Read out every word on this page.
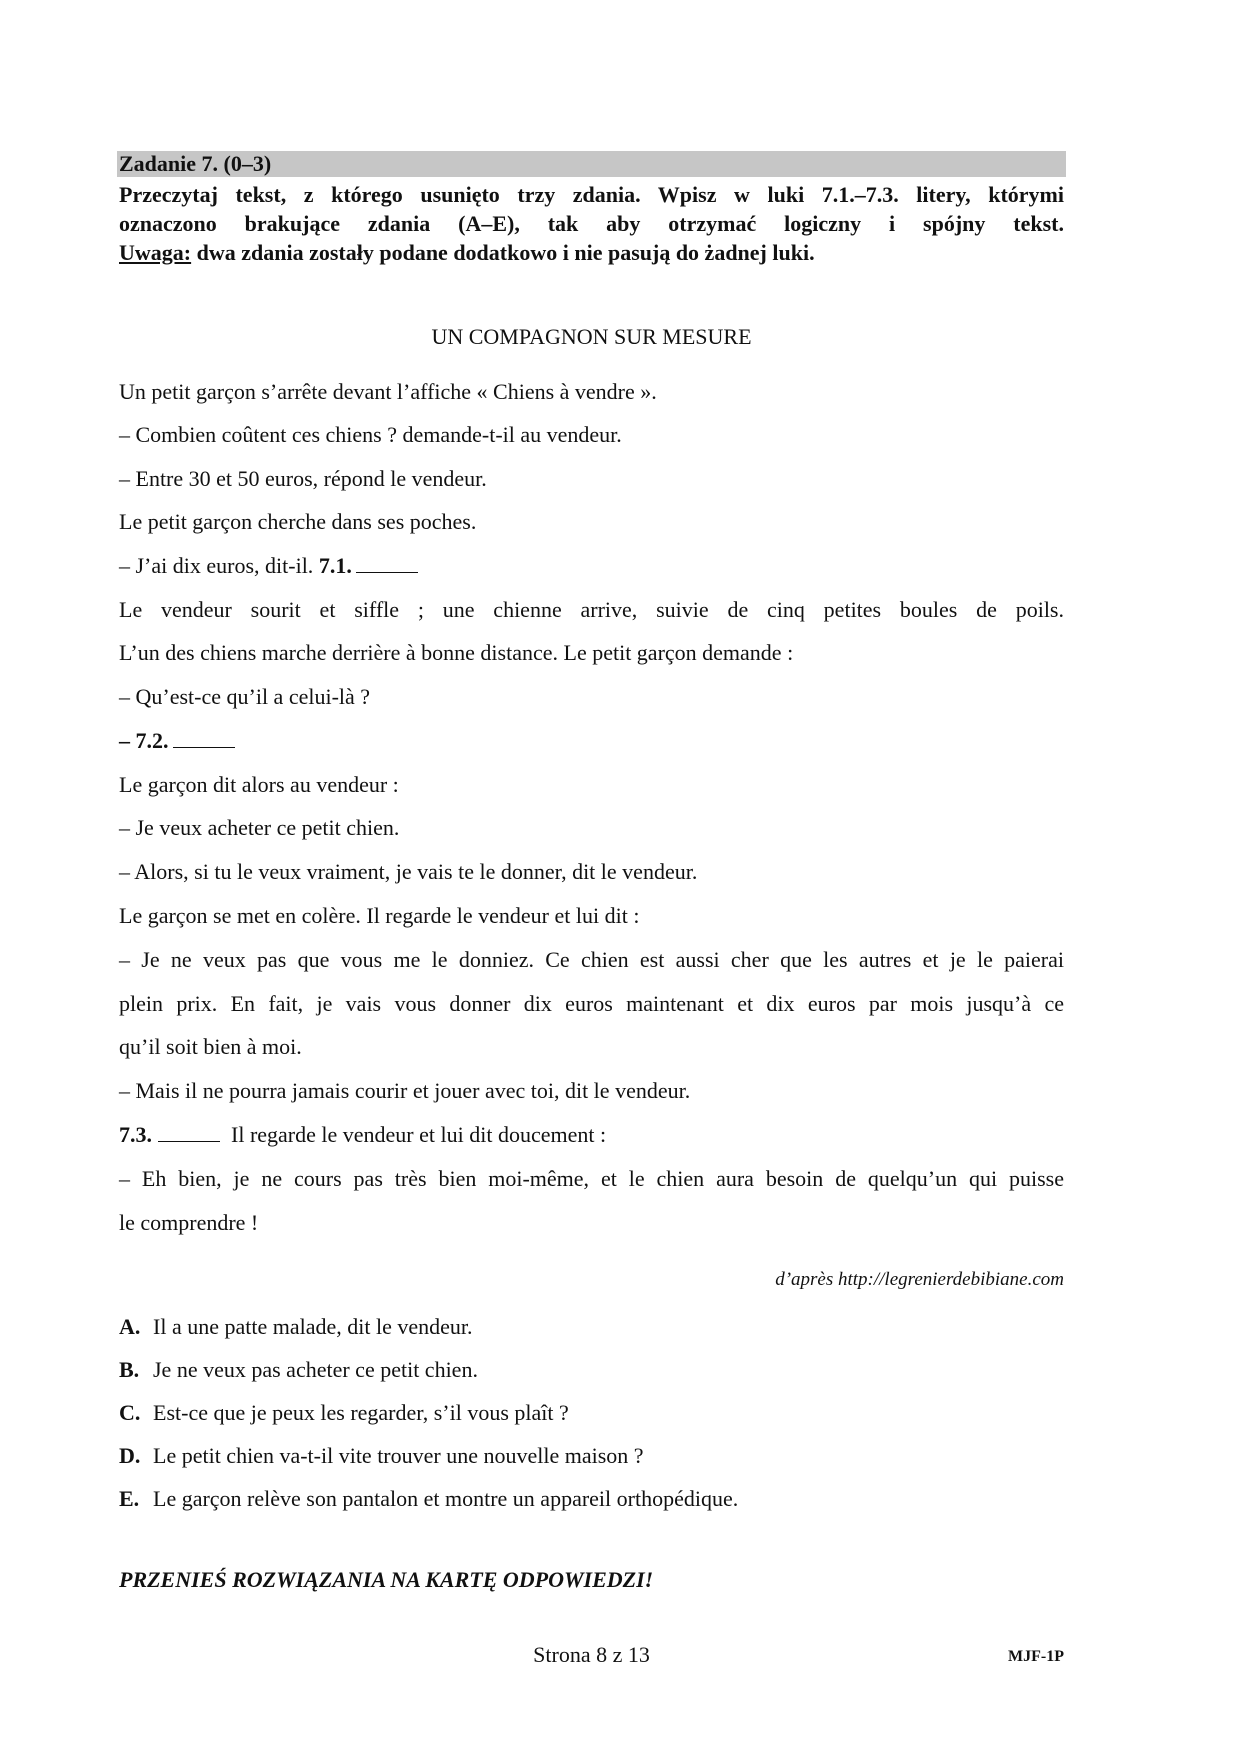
Zadanie 7. (0–3)
Przeczytaj tekst, z którego usunięto trzy zdania. Wpisz w luki 7.1.–7.3. litery, którymi
oznaczono brakujące zdania (A–E), tak aby otrzymać logiczny i spójny tekst.
Uwaga: dwa zdania zostały podane dodatkowo i nie pasują do żadnej luki.
UN COMPAGNON SUR MESURE
Un petit garçon s’arrête devant l’affiche « Chiens à vendre ».
– Combien coûtent ces chiens ? demande-t-il au vendeur.
– Entre 30 et 50 euros, répond le vendeur.
Le petit garçon cherche dans ses poches.
– J’ai dix euros, dit-il. 7.1.
Le vendeur sourit et siffle ; une chienne arrive, suivie de cinq petites boules de poils.
L’un des chiens marche derrière à bonne distance. Le petit garçon demande :
– Qu’est-ce qu’il a celui-là ?
– 7.2.
Le garçon dit alors au vendeur :
– Je veux acheter ce petit chien.
– Alors, si tu le veux vraiment, je vais te le donner, dit le vendeur.
Le garçon se met en colère. Il regarde le vendeur et lui dit :
– Je ne veux pas que vous me le donniez. Ce chien est aussi cher que les autres et je le paierai
plein prix. En fait, je vais vous donner dix euros maintenant et dix euros par mois jusqu’à ce
qu’il soit bien à moi.
– Mais il ne pourra jamais courir et jouer avec toi, dit le vendeur.
7.3.	Il regarde le vendeur et lui dit doucement :
– Eh bien, je ne cours pas très bien moi-même, et le chien aura besoin de quelqu’un qui puisse
le comprendre !
d’après http://legrenierdebibiane.com
A. Il a une patte malade, dit le vendeur.
B. Je ne veux pas acheter ce petit chien.
C. Est-ce que je peux les regarder, s’il vous plaît ?
D. Le petit chien va-t-il vite trouver une nouvelle maison ?
E. Le garçon relève son pantalon et montre un appareil orthopédique.
PRZENIEŚ ROZWIĄZANIA NA KARTĘ ODPOWIEDZI!
Strona 8 z 13	MJF-1P
